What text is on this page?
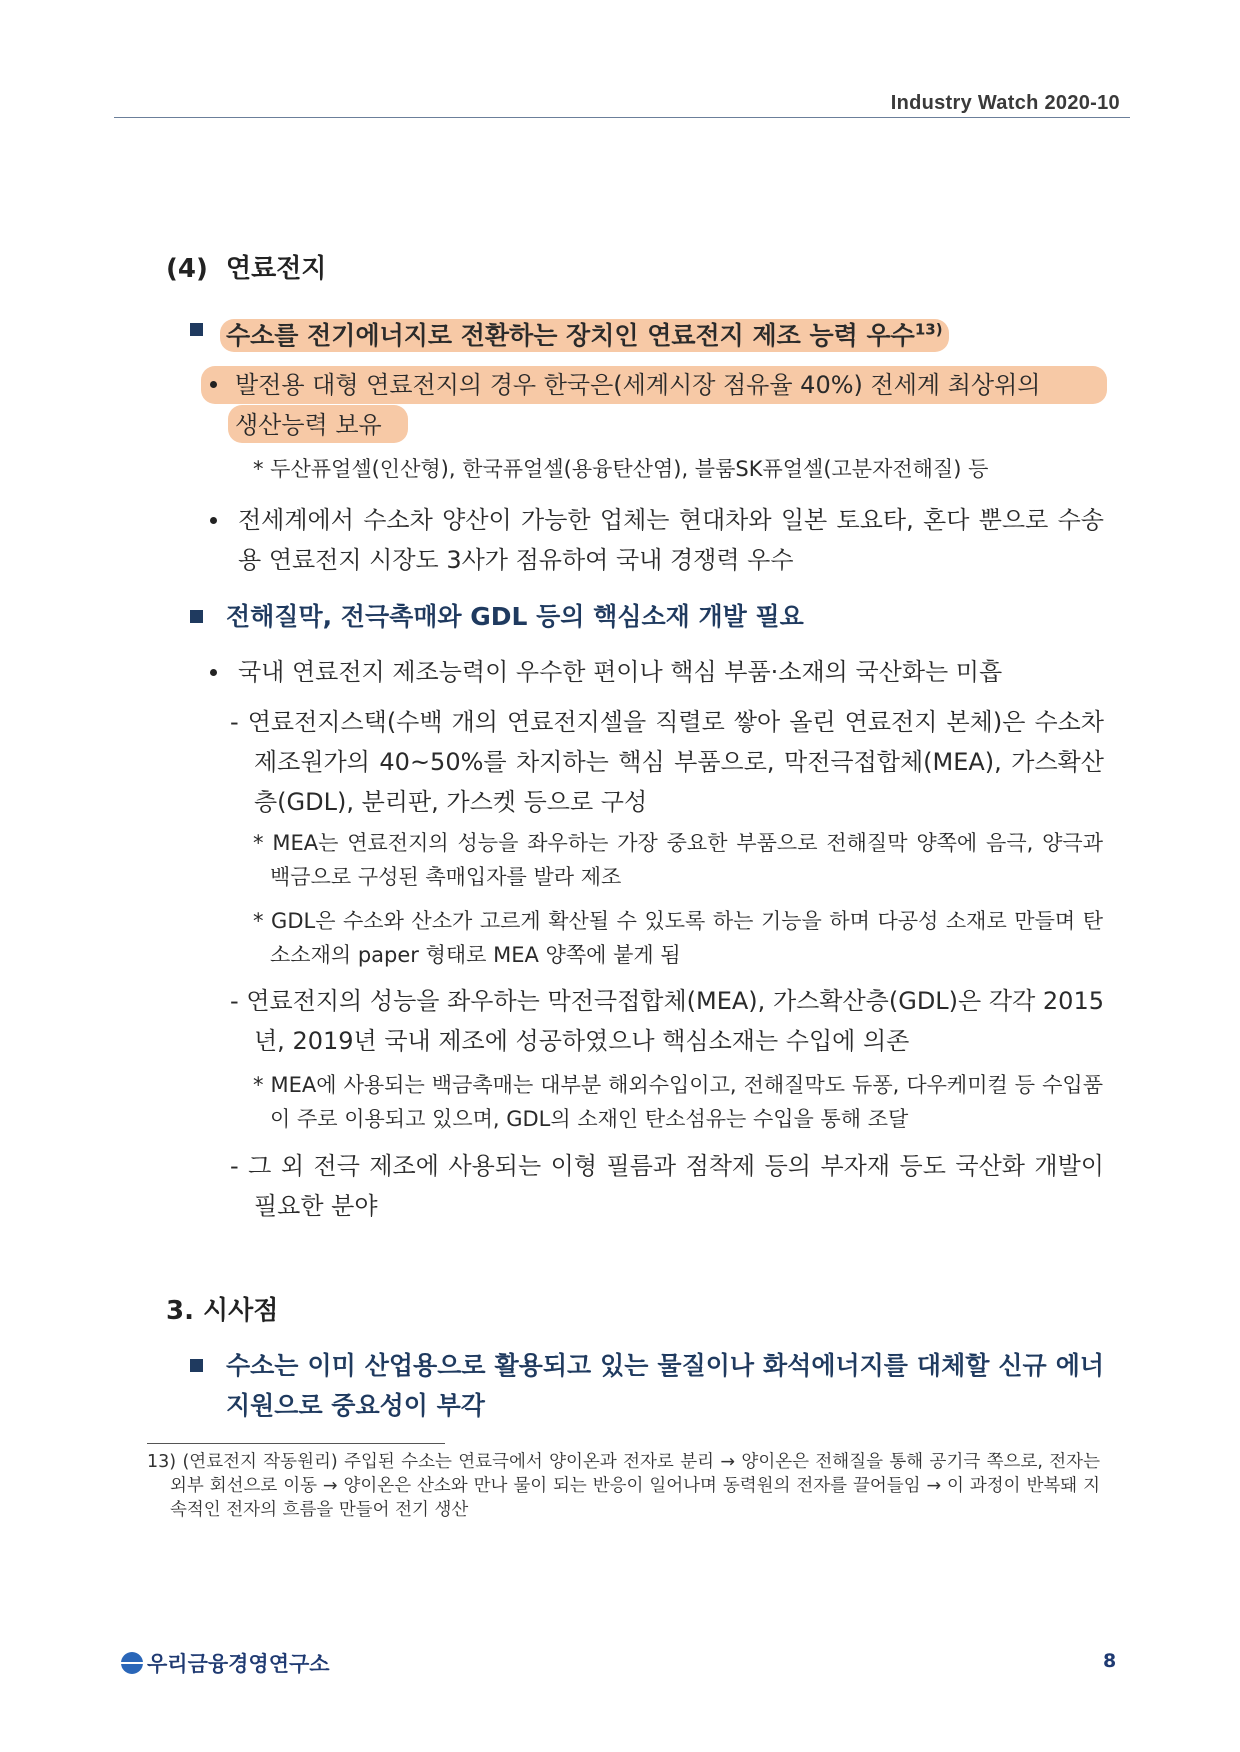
Industry Watch 2020-10
(4)  연료전지
수소를 전기에너지로 전환하는 장치인 연료전지 제조 능력 우수$^{13)}$
발전용 대형 연료전지의 경우 한국은(세계시장 점유율 40%) 전세계 최상위의
생산능력 보유
* 두산퓨얼셀(인산형), 한국퓨얼셀(용융탄산염), 블룸SK퓨얼셀(고분자전해질) 등
전세계에서 수소차 양산이 가능한 업체는 현대차와 일본 토요타, 혼다 뿐으로 수송용 연료전지 시장도 3사가 점유하여 국내 경쟁력 우수
전해질막, 전극촉매와 GDL 등의 핵심소재 개발 필요
국내 연료전지 제조능력이 우수한 편이나 핵심 부품·소재의 국산화는 미흡
- 연료전지스택(수백 개의 연료전지셀을 직렬로 쌓아 올린 연료전지 본체)은 수소차 제조원가의 40~50%를 차지하는 핵심 부품으로, 막전극접합체(MEA), 가스확산층(GDL), 분리판, 가스켓 등으로 구성
* MEA는 연료전지의 성능을 좌우하는 가장 중요한 부품으로 전해질막 양쪽에 음극, 양극과 백금으로 구성된 촉매입자를 발라 제조
* GDL은 수소와 산소가 고르게 확산될 수 있도록 하는 기능을 하며 다공성 소재로 만들며 탄소소재의 paper 형태로 MEA 양쪽에 붙게 됨
- 연료전지의 성능을 좌우하는 막전극접합체(MEA), 가스확산층(GDL)은 각각 2015년, 2019년 국내 제조에 성공하였으나 핵심소재는 수입에 의존
* MEA에 사용되는 백금촉매는 대부분 해외수입이고, 전해질막도 듀퐁, 다우케미컬 등 수입품이 주로 이용되고 있으며, GDL의 소재인 탄소섬유는 수입을 통해 조달
- 그 외 전극 제조에 사용되는 이형 필름과 점착제 등의 부자재 등도 국산화 개발이 필요한 분야
3. 시사점
수소는 이미 산업용으로 활용되고 있는 물질이나 화석에너지를 대체할 신규 에너지원으로 중요성이 부각
13) (연료전지 작동원리) 주입된 수소는 연료극에서 양이온과 전자로 분리 → 양이온은 전해질을 통해 공기극 쪽으로, 전자는 외부 회선으로 이동 → 양이온은 산소와 만나 물이 되는 반응이 일어나며 동력원의 전자를 끌어들임 → 이 과정이 반복돼 지속적인 전자의 흐름을 만들어 전기 생산
우리금융경영연구소	8
